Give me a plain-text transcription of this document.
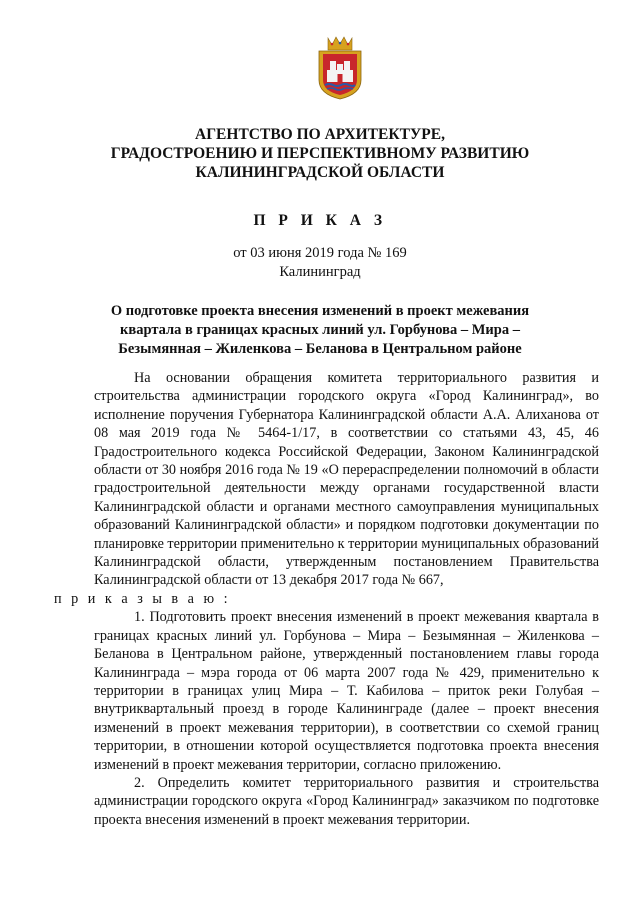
АГЕНТСТВО ПО АРХИТЕКТУРЕ,
ГРАДОСТРОЕНИЮ И ПЕРСПЕКТИВНОМУ РАЗВИТИЮ
КАЛИНИНГРАДСКОЙ ОБЛАСТИ
П Р И К А З
от 03 июня 2019 года № 169
Калининград
О подготовке проекта внесения изменений в проект межевания
квартала в границах красных линий ул. Горбунова – Мира –
Безымянная – Жиленкова – Беланова в Центральном районе

На основании обращения комитета территориального развития и строительства администрации городского округа «Город Калининград», во исполнение поручения Губернатора Калининградской области А.А. Алиханова от 08 мая 2019 года № 5464-1/17, в соответствии со статьями 43, 45, 46 Градостроительного кодекса Российской Федерации, Законом Калининградской области от 30 ноября 2016 года № 19 «О перераспределении полномочий в области градостроительной деятельности между органами государственной власти Калининградской области и органами местного самоуправления муниципальных образований Калининградской области» и порядком подготовки документации по планировке территории применительно к территории муниципальных образований Калининградской области, утвержденным постановлением Правительства Калининградской области от 13 декабря 2017 года № 667,
п р и к а з ы в а ю :

1. Подготовить проект внесения изменений в проект межевания квартала в границах красных линий ул. Горбунова – Мира – Безымянная – Жиленкова – Беланова в Центральном районе, утвержденный постановлением главы города Калининграда – мэра города от 06 марта 2007 года № 429, применительно к территории в границах улиц Мира – Т. Кабилова – приток реки Голубая – внутриквартальный проезд в городе Калининграде (далее – проект внесения изменений в проект межевания территории), в соответствии со схемой границ территории, в отношении которой осуществляется подготовка проекта внесения изменений в проект межевания территории, согласно приложению.

2. Определить комитет территориального развития и строительства администрации городского округа «Город Калининград» заказчиком по подготовке проекта внесения изменений в проект межевания территории.
